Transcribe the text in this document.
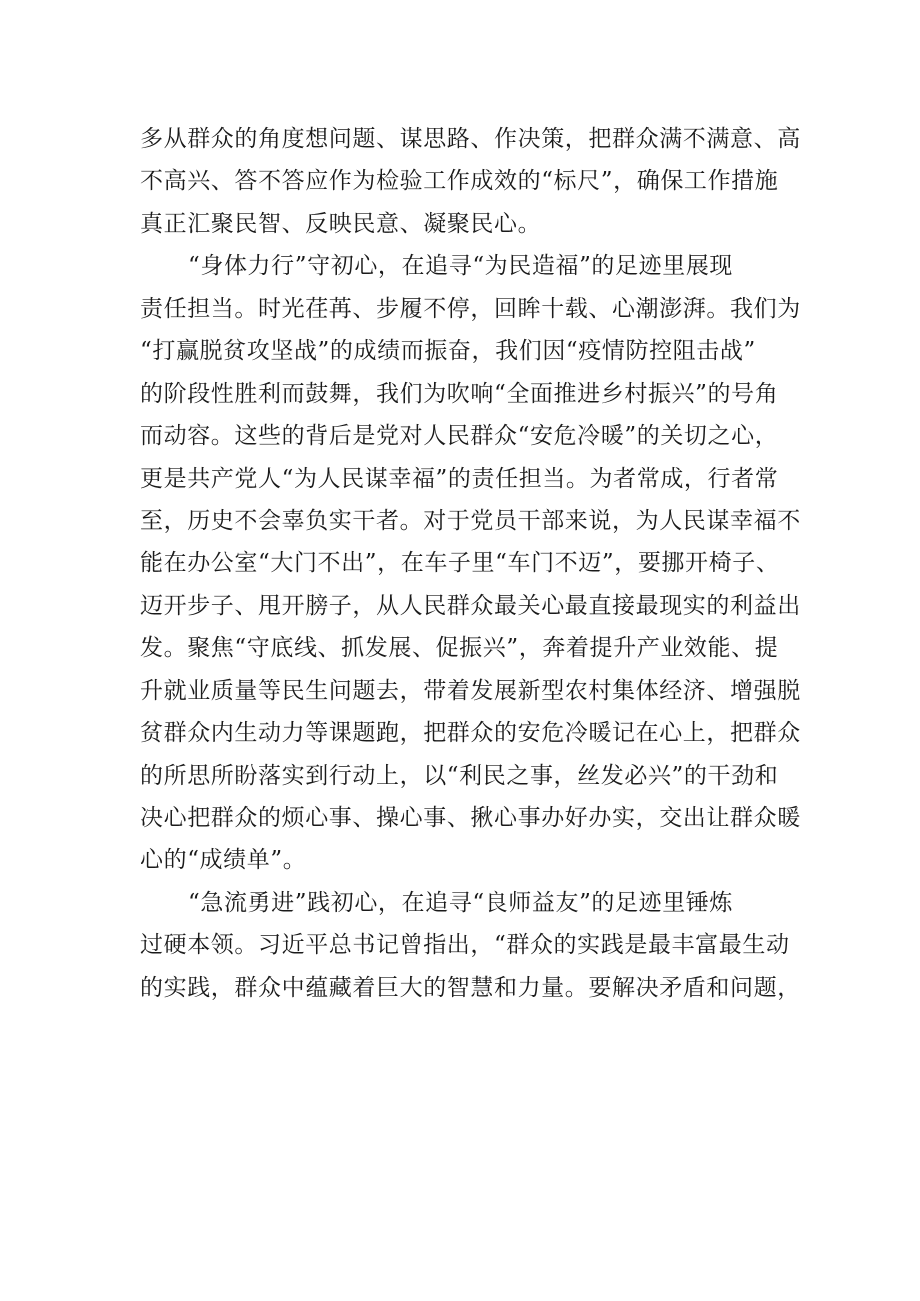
多从群众的角度想问题、谋思路、作决策，把群众满不满意、高
不高兴、答不答应作为检验工作成效的“标尺”，确保工作措施
真正汇聚民智、反映民意、凝聚民心。

“身体力行”守初心，在追寻“为民造福”的足迹里展现
责任担当。时光荏苒、步履不停，回眸十载、心潮澎湃。我们为
“打赢脱贫攻坚战”的成绩而振奋，我们因“疫情防控阻击战”
的阶段性胜利而鼓舞，我们为吹响“全面推进乡村振兴”的号角
而动容。这些的背后是党对人民群众“安危冷暖”的关切之心，
更是共产党人“为人民谋幸福”的责任担当。为者常成，行者常
至，历史不会辜负实干者。对于党员干部来说，为人民谋幸福不
能在办公室“大门不出”，在车子里“车门不迈”，要挪开椅子、
迈开步子、甩开膀子，从人民群众最关心最直接最现实的利益出
发。聚焦“守底线、抓发展、促振兴”，奔着提升产业效能、提
升就业质量等民生问题去，带着发展新型农村集体经济、增强脱
贫群众内生动力等课题跑，把群众的安危冷暖记在心上，把群众
的所思所盼落实到行动上，以“利民之事，丝发必兴”的干劲和
决心把群众的烦心事、操心事、揪心事办好办实，交出让群众暖
心的“成绩单”。

“急流勇进”践初心，在追寻“良师益友”的足迹里锤炼
过硬本领。习近平总书记曾指出，“群众的实践是最丰富最生动
的实践，群众中蕴藏着巨大的智慧和力量。要解决矛盾和问题，
